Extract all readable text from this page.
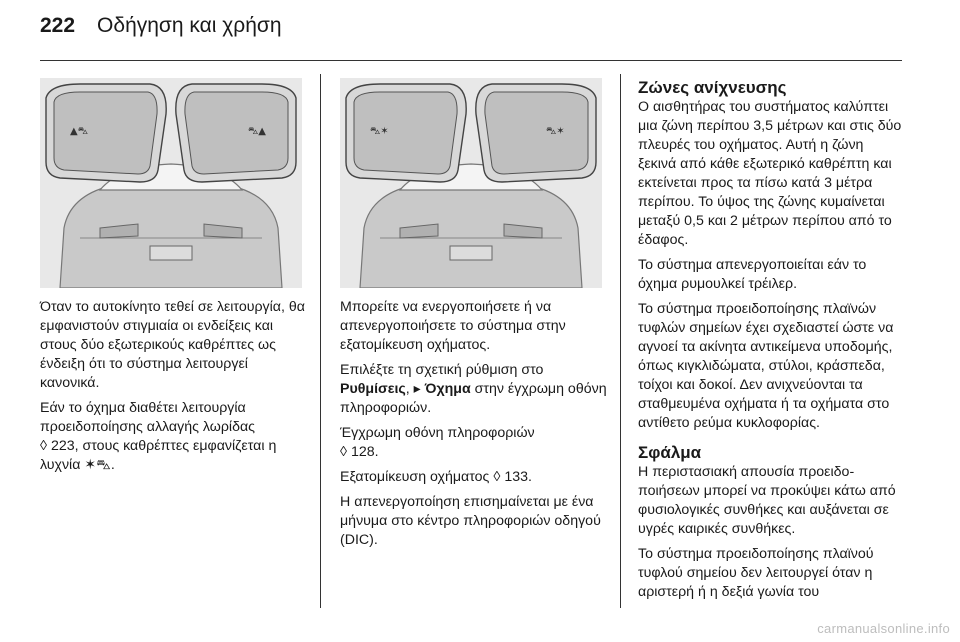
222 Οδήγηση και χρήση
▲⛍	⛍▲	⛍✶	⛍✶

Όταν το αυτοκίνητο τεθεί σε λειτουργία, θα εμφανιστούν στιγμιαία οι ενδείξεις και στους δύο εξωτερικούς καθρέπτες ως ένδειξη ότι το σύστημα λειτουργεί κανονικά.

Εάν το όχημα διαθέτει λειτουργία προειδοποίησης αλλαγής λωρίδας
◊ 223, στους καθρέπτες εμφανίζεται η λυχνία ✶⛍.

Μπορείτε να ενεργοποιήσετε ή να απενεργοποιήσετε το σύστημα στην εξατομίκευση οχήματος.

Επιλέξτε τη σχετική ρύθμιση στο
Ρυθμίσεις, ▸ Όχημα στην έγχρωμη οθόνη πληροφοριών.

Έγχρωμη οθόνη πληροφοριών
◊ 128.

Εξατομίκευση οχήματος ◊ 133.

Η απενεργοποίηση επισημαίνεται με ένα μήνυμα στο κέντρο πληροφοριών οδηγού (DIC).

Ζώνες ανίχνευσης

Ο αισθητήρας του συστήματος καλύπτει μια ζώνη περίπου 3,5 μέτρων και στις δύο πλευρές του οχήματος. Αυτή η ζώνη ξεκινά από κάθε εξωτερικό καθρέπτη και εκτείνεται προς τα πίσω κατά 3 μέτρα περίπου. Το ύψος της ζώνης κυμαίνεται μεταξύ 0,5 και 2 μέτρων περίπου από το έδαφος.

Το σύστημα απενεργοποιείται εάν το όχημα ρυμουλκεί τρέιλερ.

Το σύστημα προειδοποίησης πλαϊνών τυφλών σημείων έχει σχεδιαστεί ώστε να αγνοεί τα ακίνητα αντικείμενα υποδομής, όπως κιγκλιδώματα, στύλοι, κράσπεδα, τοίχοι και δοκοί. Δεν ανιχνεύονται τα σταθμευμένα οχήματα ή τα οχήματα στο αντίθετο ρεύμα κυκλοφορίας.

Σφάλμα

Η περιστασιακή απουσία προειδοποιήσεων μπορεί να προκύψει κάτω από φυσιολογικές συνθήκες και αυξάνεται σε υγρές καιρικές συνθήκες.

Το σύστημα προειδοποίησης πλαϊνού τυφλού σημείου δεν λειτουργεί όταν η αριστερή ή η δεξιά γωνία του

carmanualsonline.info
